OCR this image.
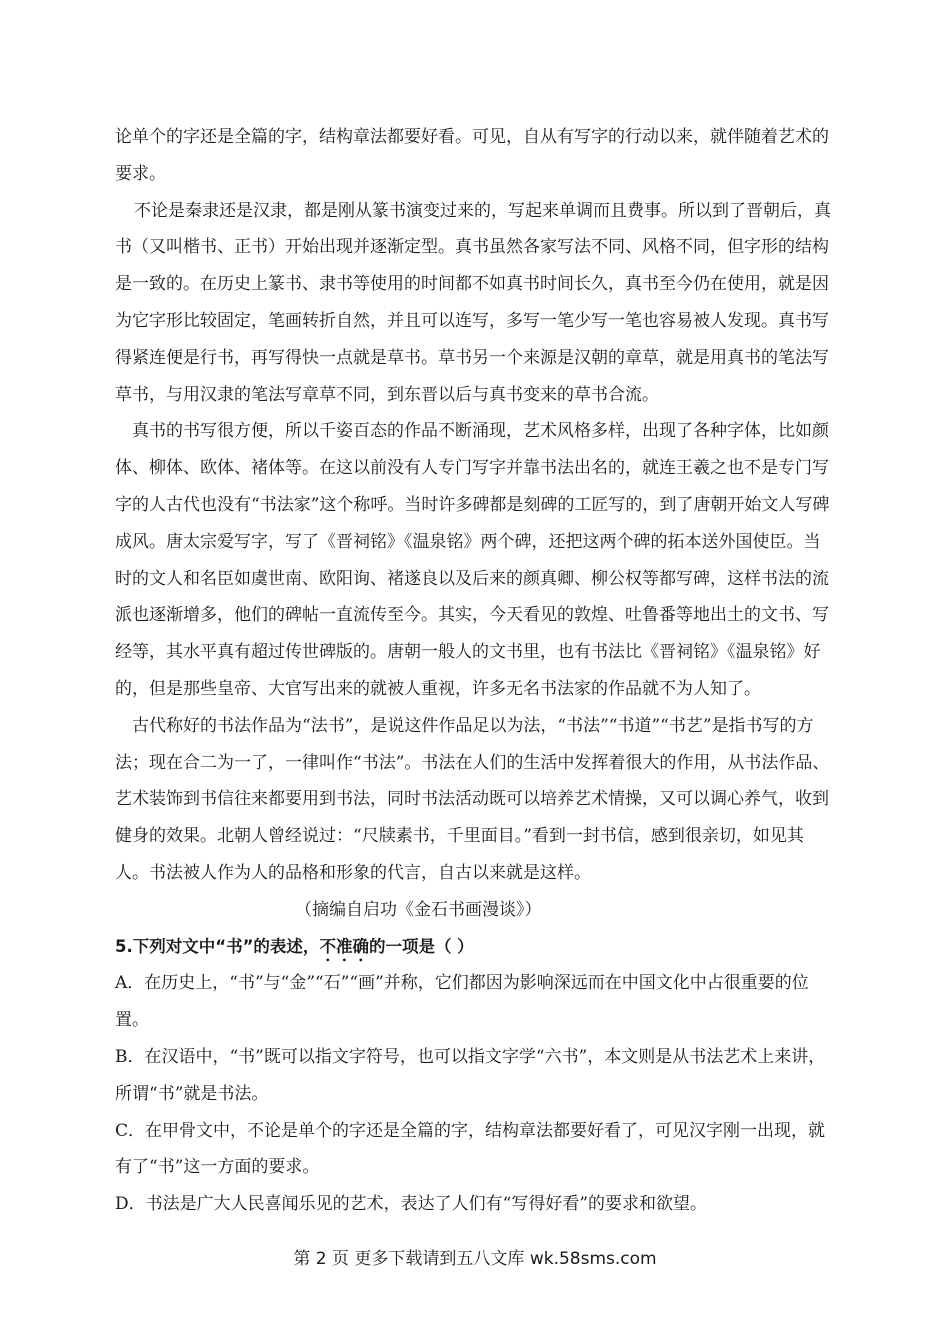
论单个的字还是全篇的字，结构章法都要好看。可见，自从有写字的行动以来，就伴随着艺术的要求。

不论是秦隶还是汉隶，都是刚从篆书演变过来的，写起来单调而且费事。所以到了晋朝后，真书（又叫楷书、正书）开始出现并逐渐定型。真书虽然各家写法不同、风格不同，但字形的结构是一致的。在历史上篆书、隶书等使用的时间都不如真书时间长久，真书至今仍在使用，就是因为它字形比较固定，笔画转折自然，并且可以连写，多写一笔少写一笔也容易被人发现。真书写得紧连便是行书，再写得快一点就是草书。草书另一个来源是汉朝的章草，就是用真书的笔法写草书，与用汉隶的笔法写章草不同，到东晋以后与真书变来的草书合流。

真书的书写很方便，所以千姿百态的作品不断涌现，艺术风格多样，出现了各种字体，比如颜体、柳体、欧体、褚体等。在这以前没有人专门写字并靠书法出名的，就连王羲之也不是专门写字的人古代也没有“书法家”这个称呼。当时许多碑都是刻碑的工匠写的，到了唐朝开始文人写碑成风。唐太宗爱写字，写了《晋祠铭》《温泉铭》两个碑，还把这两个碑的拓本送外国使臣。当时的文人和名臣如虞世南、欧阳询、褚遂良以及后来的颜真卿、柳公权等都写碑，这样书法的流派也逐渐增多，他们的碑帖一直流传至今。其实，今天看见的敦煌、吐鲁番等地出土的文书、写经等，其水平真有超过传世碑版的。唐朝一般人的文书里，也有书法比《晋祠铭》《温泉铭》好的，但是那些皇帝、大官写出来的就被人重视，许多无名书法家的作品就不为人知了。

古代称好的书法作品为“法书”，是说这件作品足以为法，“书法”“书道”“书艺”是指书写的方法；现在合二为一了，一律叫作“书法”。书法在人们的生活中发挥着很大的作用，从书法作品、艺术装饰到书信往来都要用到书法，同时书法活动既可以培养艺术情操，又可以调心养气，收到健身的效果。北朝人曾经说过：“尺牍素书，千里面目。”看到一封书信，感到很亲切，如见其人。书法被人作为人的品格和形象的代言，自古以来就是这样。

（摘编自启功《金石书画漫谈》）

5.下列对文中“书”的表述，不准确的一项是（ ）

A．在历史上，“书”与“金”“石”“画”并称，它们都因为影响深远而在中国文化中占很重要的位置。

B．在汉语中，“书”既可以指文字符号，也可以指文字学“六书”，本文则是从书法艺术上来讲，所谓“书”就是书法。

C．在甲骨文中，不论是单个的字还是全篇的字，结构章法都要好看了，可见汉字刚一出现，就有了“书”这一方面的要求。

D．书法是广大人民喜闻乐见的艺术，表达了人们有“写得好看”的要求和欲望。

第 2 页 更多下载请到五八文库 wk.58sms.com
